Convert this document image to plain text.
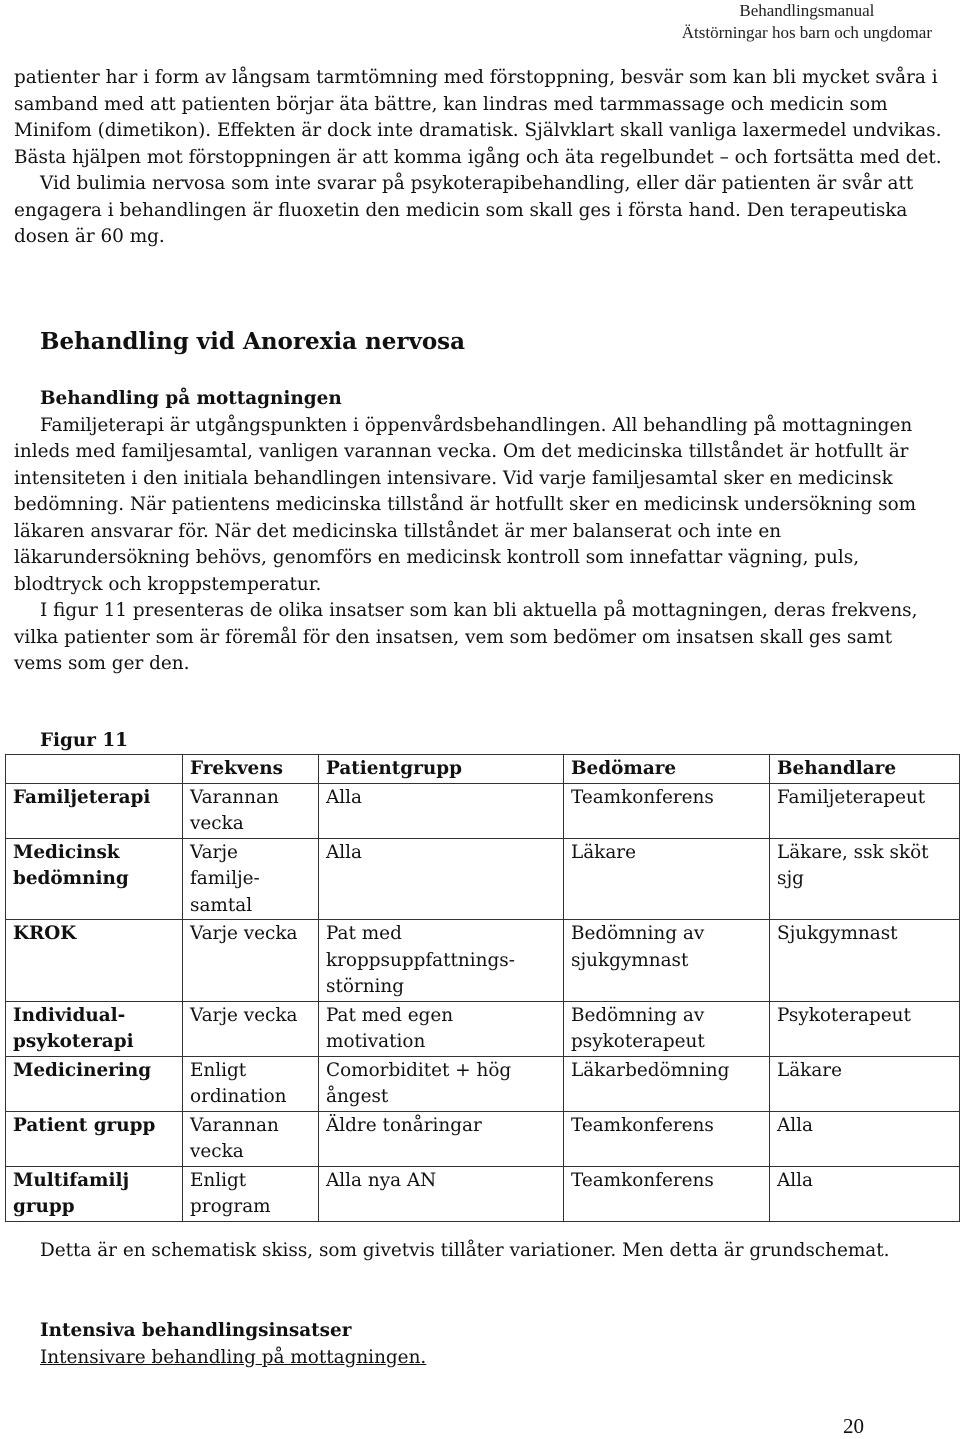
Behandlingsmanual
Ätstörningar hos barn och ungdomar

patienter har i form av långsam tarmtömning med förstoppning, besvär som kan bli mycket svåra i samband med att patienten börjar äta bättre, kan lindras med tarmmassage och medicin som Minifom (dimetikon). Effekten är dock inte dramatisk. Självklart skall vanliga laxermedel undvikas. Bästa hjälpen mot förstoppningen är att komma igång och äta regelbundet – och fortsätta med det.

Vid bulimia nervosa som inte svarar på psykoterapibehandling, eller där patienten är svår att engagera i behandlingen är fluoxetin den medicin som skall ges i första hand. Den terapeutiska dosen är 60 mg.

Behandling vid Anorexia nervosa

Behandling på mottagningen

Familjeterapi är utgångspunkten i öppenvårdsbehandlingen. All behandling på mottagningen inleds med familjesamtal, vanligen varannan vecka. Om det medicinska tillståndet är hotfullt är intensiteten i den initiala behandlingen intensivare. Vid varje familjesamtal sker en medicinsk bedömning. När patientens medicinska tillstånd är hotfullt sker en medicinsk undersökning som läkaren ansvarar för. När det medicinska tillståndet är mer balanserat och inte en läkarundersökning behövs, genomförs en medicinsk kontroll som innefattar vägning, puls, blodtryck och kroppstemperatur.

I figur 11 presenteras de olika insatser som kan bli aktuella på mottagningen, deras frekvens, vilka patienter som är föremål för den insatsen, vem som bedömer om insatsen skall ges samt vems som ger den.

Figur 11
	Frekvens	Patientgrupp	Bedömare	Behandlare
Familjeterapi	Varannan vecka	Alla	Teamkonferens	Familjeterapeut
Medicinsk bedömning	Varje familje-samtal	Alla	Läkare	Läkare, ssk sköt sjg
KROK	Varje vecka	Pat med kroppsuppfattnings-störning	Bedömning av sjukgymnast	Sjukgymnast
Individual-psykoterapi	Varje vecka	Pat med egen motivation	Bedömning av psykoterapeut	Psykoterapeut
Medicinering	Enligt ordination	Comorbiditet + hög ångest	Läkarbedömning	Läkare
Patient grupp	Varannan vecka	Äldre tonåringar	Teamkonferens	Alla
Multifamilj grupp	Enligt program	Alla nya AN	Teamkonferens	Alla

Detta är en schematisk skiss, som givetvis tillåter variationer. Men detta är grundschemat.

Intensiva behandlingsinsatser

Intensivare behandling på mottagningen.

20
